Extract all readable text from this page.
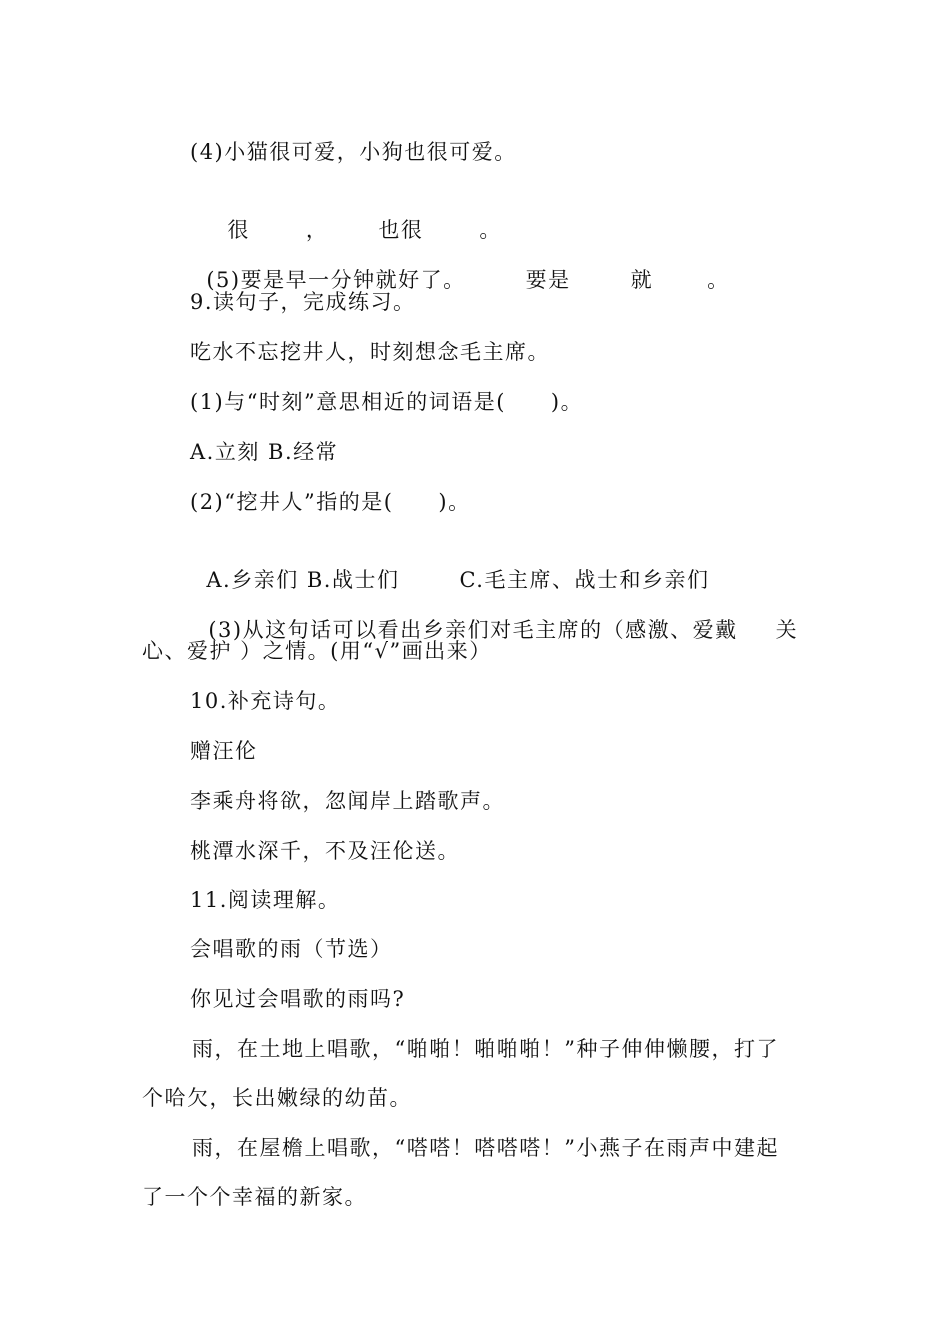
(4)小猫很可爱，小狗也很可爱。

很	， 也很	。

(5)要是早一分钟就好了。	要是	就	。

9.读句子，完成练习。
吃水不忘挖井人，时刻想念毛主席。
(1)与“时刻”意思相近的词语是(　　)。
A.立刻 B.经常
(2)“挖井人”指的是(　　)。

A.乡亲们 B.战士们	C.毛主席、战士和乡亲们

(3)从这句话可以看出乡亲们对毛主席的（感激、爱戴 关

心、爱护 ）之情。(用“√”画出来）
10.补充诗句。
赠汪伦
李乘舟将欲，忽闻岸上踏歌声。
桃潭水深千，不及汪伦送。
11.阅读理解。
会唱歌的雨（节选）
你见过会唱歌的雨吗?
雨，在土地上唱歌，“啪啪！啪啪啪！”种子伸伸懒腰，打了
个哈欠，长出嫩绿的幼苗。
雨，在屋檐上唱歌，“嗒嗒！嗒嗒嗒！”小燕子在雨声中建起
了一个个幸福的新家。
